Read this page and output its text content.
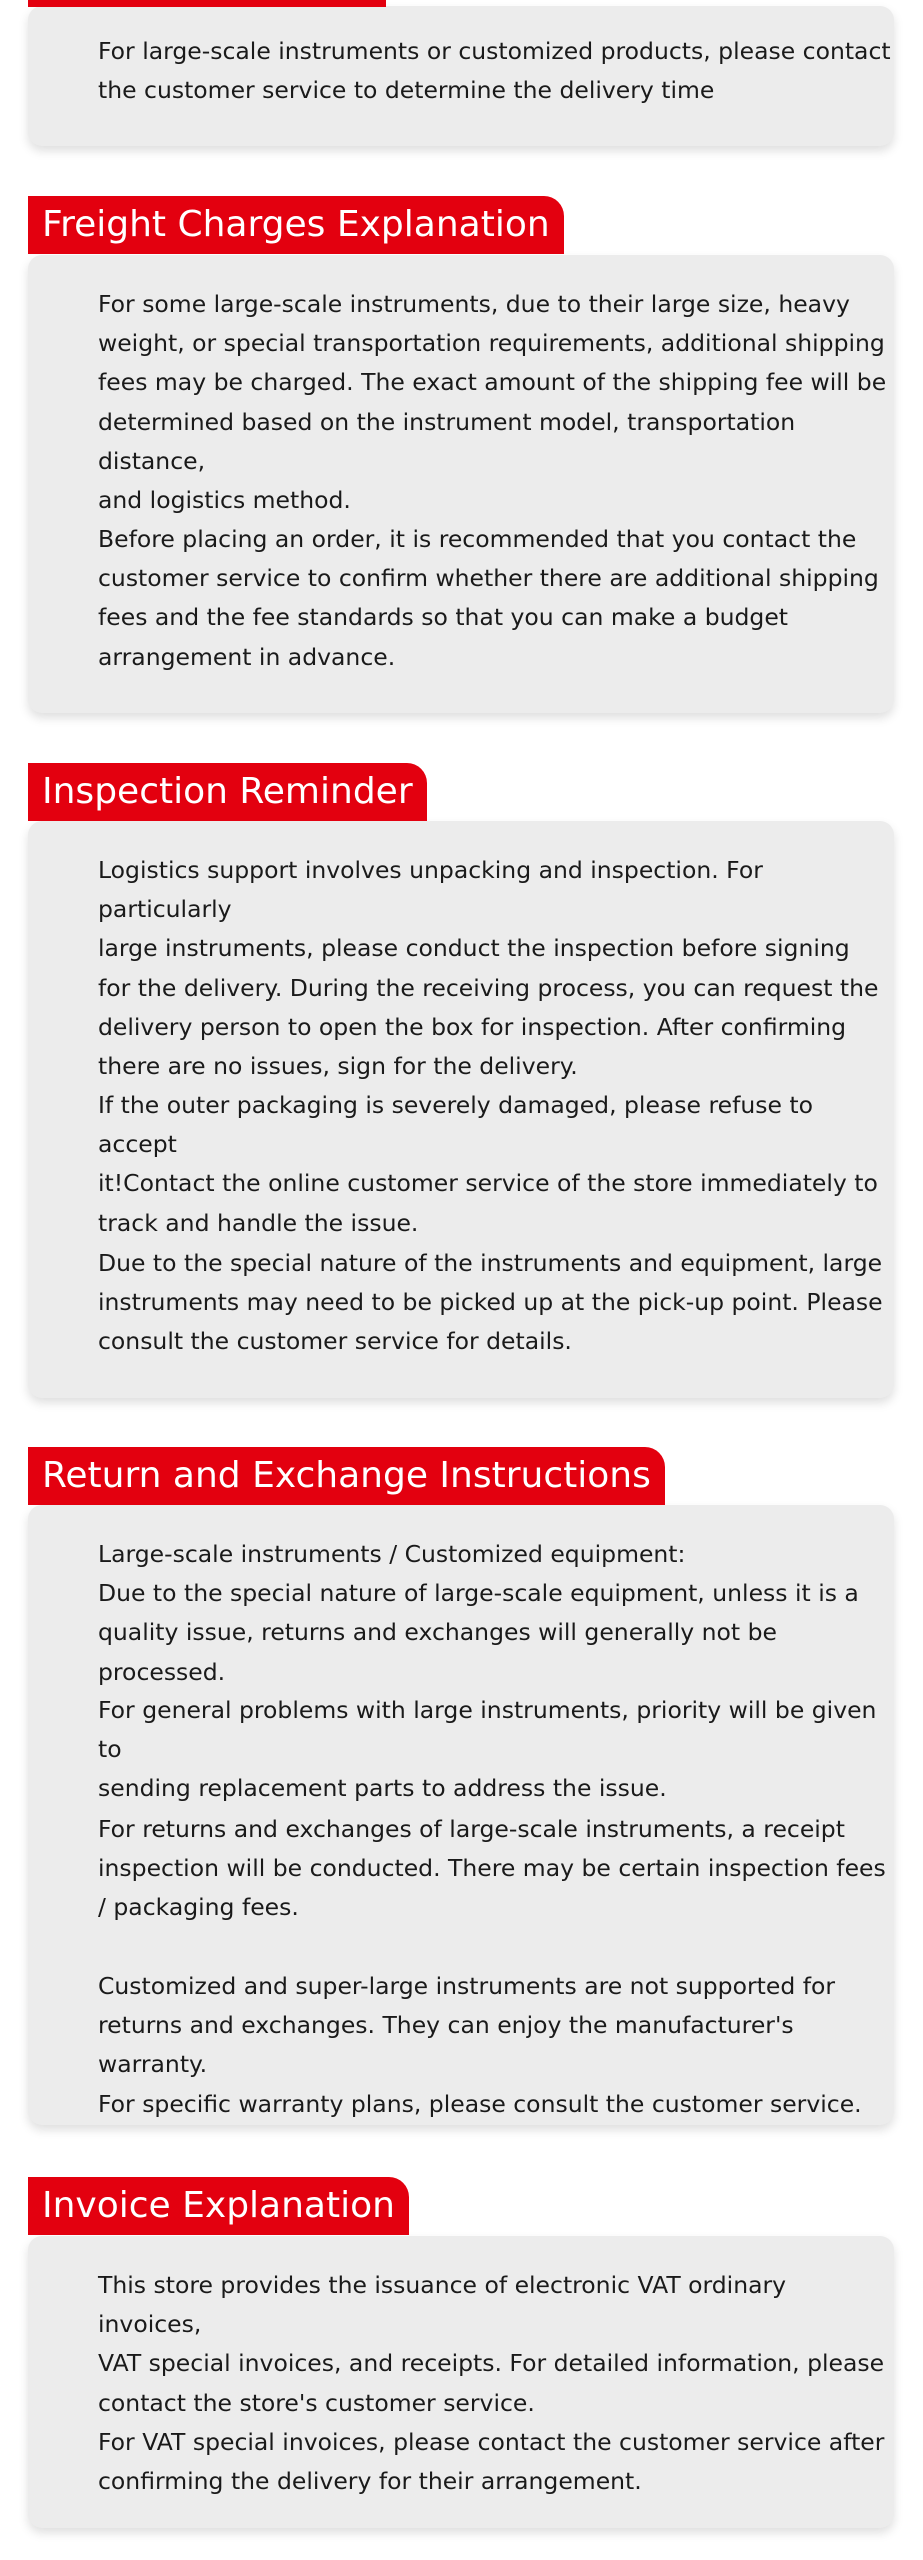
For large-scale instruments or customized products, please contact
the customer service to determine the delivery time

Freight Charges Explanation

For some large-scale instruments, due to their large size, heavy
weight, or special transportation requirements, additional shipping
fees may be charged. The exact amount of the shipping fee will be
determined based on the instrument model, transportation distance,
and logistics method.

Before placing an order, it is recommended that you contact the
customer service to confirm whether there are additional shipping
fees and the fee standards so that you can make a budget
arrangement in advance.

Inspection Reminder

Logistics support involves unpacking and inspection. For particularly
large instruments, please conduct the inspection before signing
for the delivery. During the receiving process, you can request the
delivery person to open the box for inspection. After confirming
there are no issues, sign for the delivery.

If the outer packaging is severely damaged, please refuse to accept
it!Contact the online customer service of the store immediately to
track and handle the issue.

Due to the special nature of the instruments and equipment, large
instruments may need to be picked up at the pick-up point. Please
consult the customer service for details.

Return and Exchange Instructions

Large-scale instruments / Customized equipment:
Due to the special nature of large-scale equipment, unless it is a
quality issue, returns and exchanges will generally not be processed.

For general problems with large instruments, priority will be given to
sending replacement parts to address the issue.

For returns and exchanges of large-scale instruments, a receipt
inspection will be conducted. There may be certain inspection fees
/ packaging fees.

Customized and super-large instruments are not supported for
returns and exchanges. They can enjoy the manufacturer's warranty.
For specific warranty plans, please consult the customer service.

Invoice Explanation

This store provides the issuance of electronic VAT ordinary invoices,
VAT special invoices, and receipts. For detailed information, please
contact the store's customer service.

For VAT special invoices, please contact the customer service after
confirming the delivery for their arrangement.
